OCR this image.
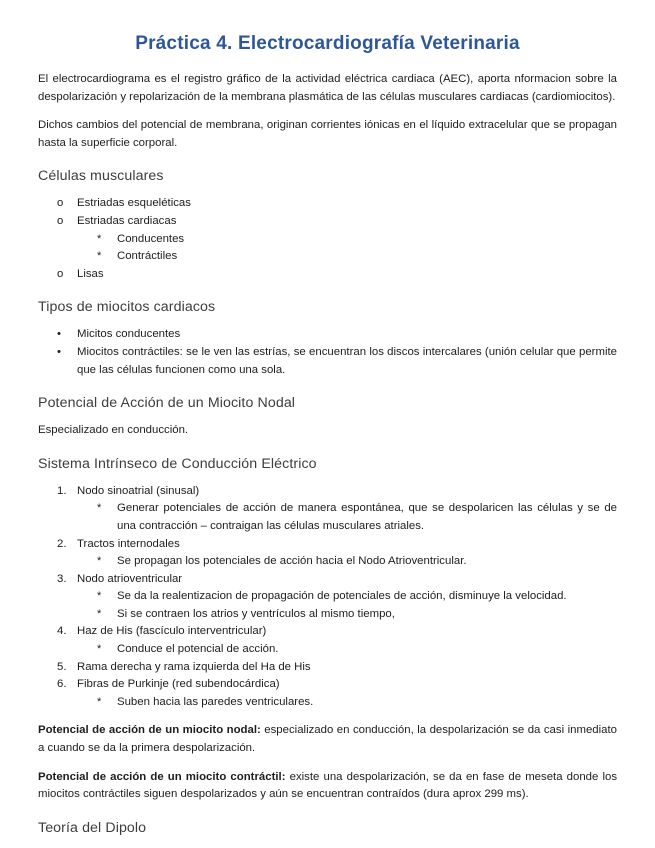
Práctica 4. Electrocardiografía Veterinaria

El electrocardiograma es el registro gráfico de la actividad eléctrica cardiaca (AEC), aporta nformacion sobre la despolarización y repolarización de la membrana plasmática de las células musculares cardiacas (cardiomiocitos).

Dichos cambios del potencial de membrana, originan corrientes iónicas en el líquido extracelular que se propagan hasta la superficie corporal.

Células musculares
o	Estriadas esqueléticas
o	Estriadas cardiacas
*	Conducentes
*	Contráctiles
o	Lisas
Tipos de miocitos cardiacos
•	Micitos conducentes
•	Miocitos contráctiles: se le ven las estrías, se encuentran los discos intercalares (unión celular que permite que las células funcionen como una sola.
Potencial de Acción de un Miocito Nodal

Especializado en conducción.

Sistema Intrínseco de Conducción Eléctrico
1. Nodo sinoatrial (sinusal)
*	Generar potenciales de acción de manera espontánea, que se despolaricen las células y se de una contracción – contraigan las células musculares atriales.
2. Tractos internodales
*	Se propagan los potenciales de acción hacia el Nodo Atrioventricular.
3. Nodo atrioventricular
*	Se da la realentizacion de propagación de potenciales de acción, disminuye la velocidad.
*	Si se contraen los atrios y ventrículos al mismo tiempo,
4. Haz de His (fascículo interventricular)
*	Conduce el potencial de acción.
5. Rama derecha y rama izquierda del Ha de His
6. Fibras de Purkinje (red subendocárdica)
*	Suben hacia las paredes ventriculares.

Potencial de acción de un miocito nodal: especializado en conducción, la despolarización se da casi inmediato a cuando se da la primera despolarización.

Potencial de acción de un miocito contráctil: existe una despolarización, se da en fase de meseta donde los miocitos contráctiles siguen despolarizados y aún se encuentran contraídos (dura aprox 299 ms).

Teoría del Dipolo
